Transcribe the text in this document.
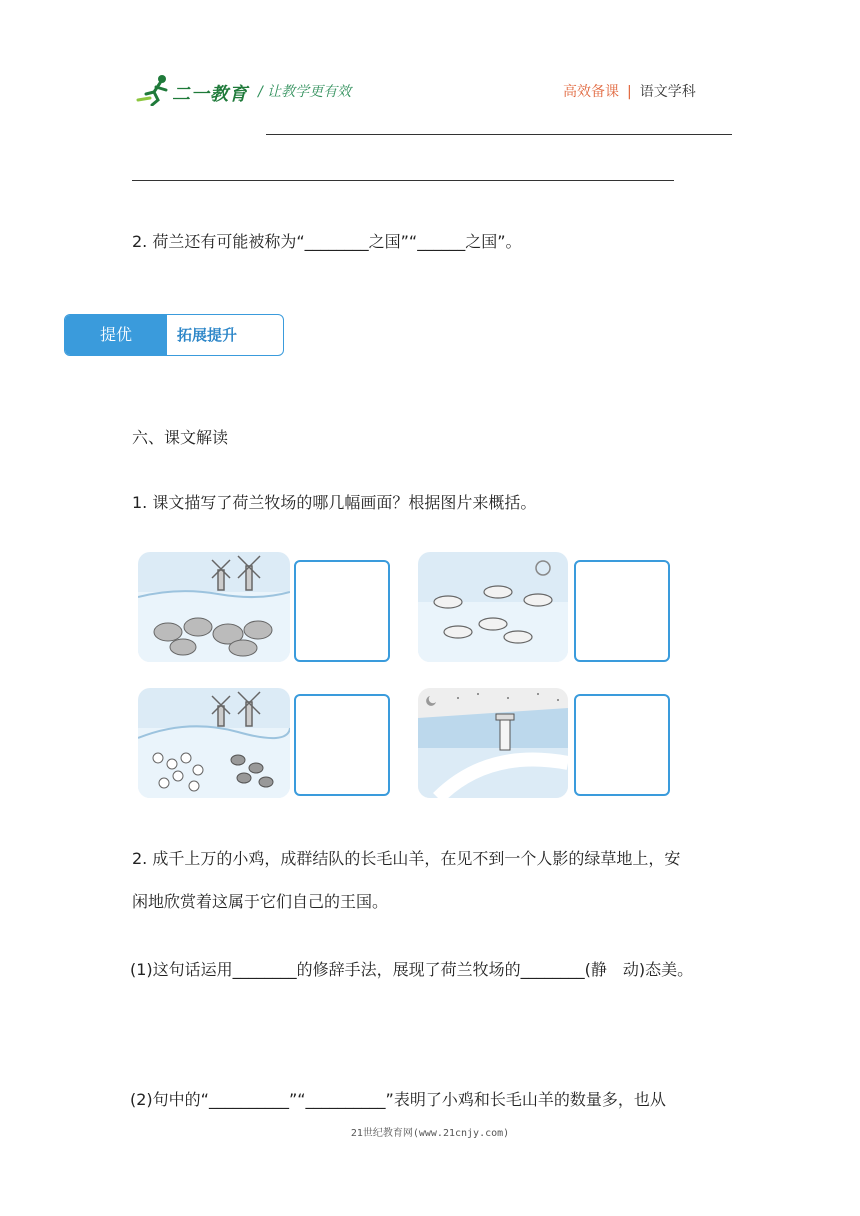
二一教育 / 让教学更有效	高效备课 | 语文学科
2. 荷兰还有可能被称为“________之国”“______之国”。
提优	拓展提升
六、课文解读
1. 课文描写了荷兰牧场的哪几幅画面？根据图片来概括。
2. 成千上万的小鸡，成群结队的长毛山羊，在见不到一个人影的绿草地上，安
闲地欣赏着这属于它们自己的王国。
(1)这句话运用________的修辞手法，展现了荷兰牧场的________(静　动)态美。
(2)句中的“__________”“__________”表明了小鸡和长毛山羊的数量多，也从
21世纪教育网(www.21cnjy.com)
